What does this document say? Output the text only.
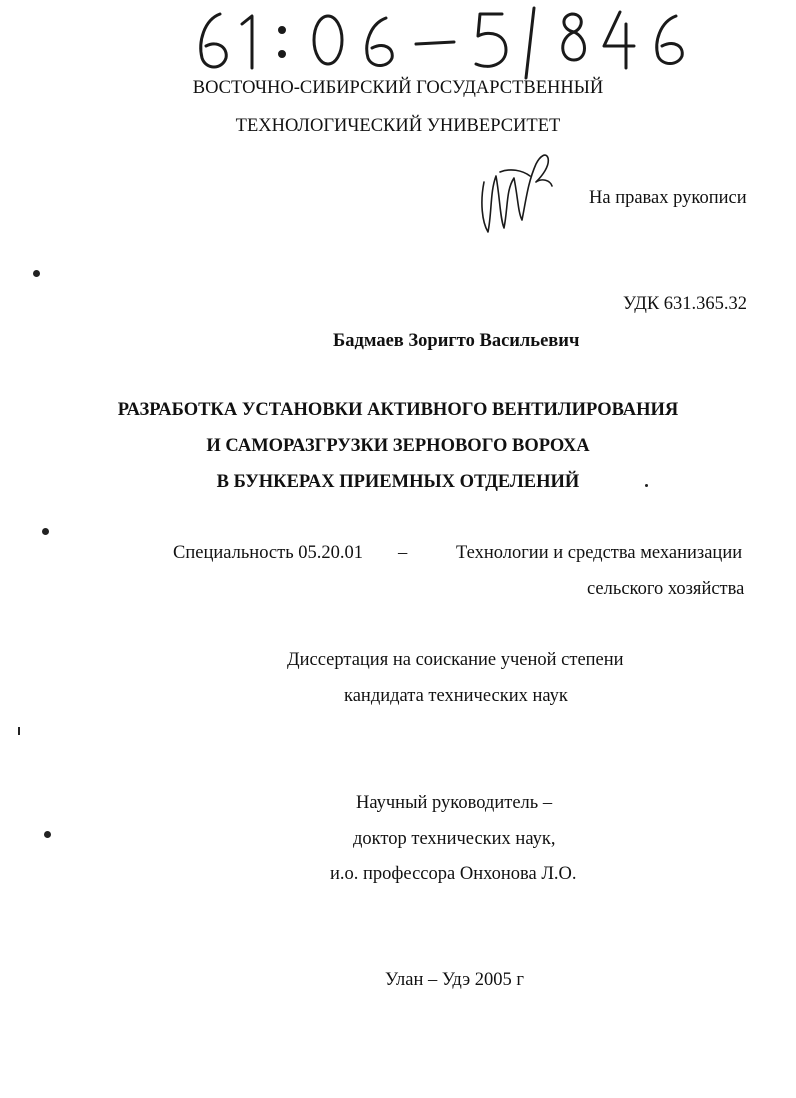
ВОСТОЧНО-СИБИРСКИЙ ГОСУДАРСТВЕННЫЙ
ТЕХНОЛОГИЧЕСКИЙ УНИВЕРСИТЕТ
На правах рукописи
УДК 631.365.32
Бадмаев Зоригто Васильевич
РАЗРАБОТКА УСТАНОВКИ АКТИВНОГО ВЕНТИЛИРОВАНИЯ
И САМОРАЗГРУЗКИ ЗЕРНОВОГО ВОРОХА
В БУНКЕРАХ ПРИЕМНЫХ ОТДЕЛЕНИЙ
Специальность 05.20.01 –	Технологии и средства механизации
сельского хозяйства
Диссертация на соискание ученой степени
кандидата технических наук
Научный руководитель –
доктор технических наук,
и.о. профессора Онхонова Л.О.
Улан – Удэ 2005 г
